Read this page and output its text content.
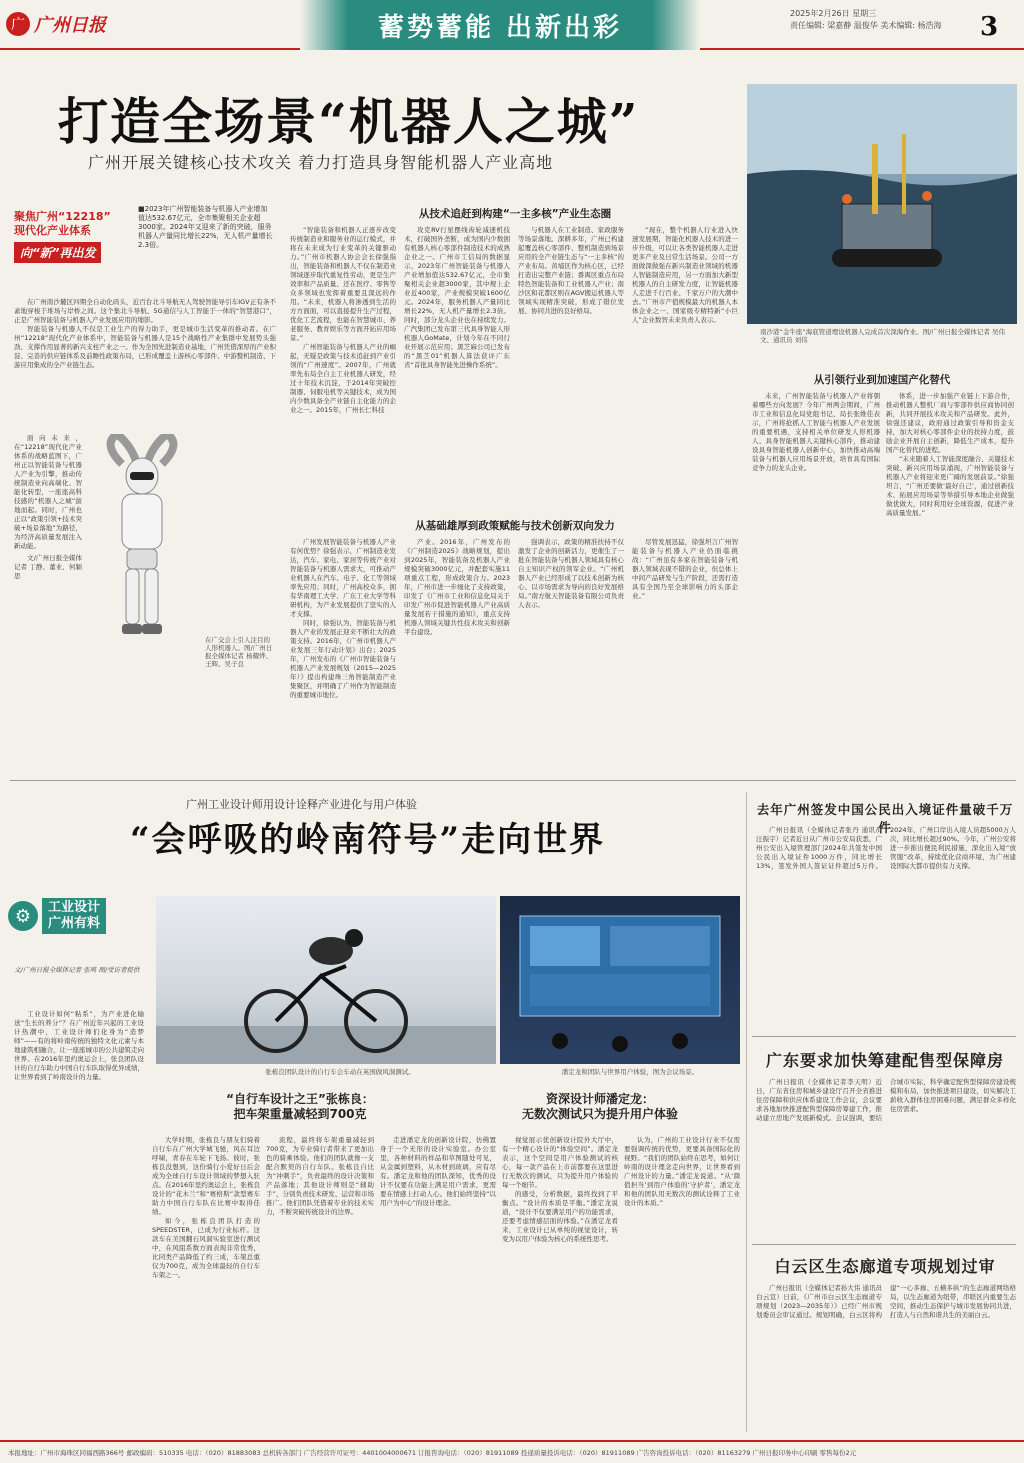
广 广州日报	蓄势蓄能 出新出彩	2025年2月26日 星期三
责任编辑: 梁嘉静 温俊华 美术编辑: 杨浩海	3
打造全场景“机器人之城”
广州开展关键核心技术攻关 着力打造具身智能机器人产业高地
聚焦广州“12218”
现代化产业体系
向“新”再出发
■2023年广州智能装备与机器人产业增加值达532.67亿元，全市集聚相关企业超3000家。2024年又迎来了新的突破，服务机器人产量同比增长22%，无人机产量增长2.3倍。

在广州南沙麓区四期全自动化码头，近百台北斗导航无人驾驶智能导引车IGV正有条不紊地穿梭于堆场与岸桥之间。这个集北斗导航、5G通信与人工智能于一体的“智慧港口”，正是广州智能装备与机器人产业发展应用的缩影。

智能装备与机器人不仅是工业生产的得力助手，更是城市生活变革的推动者。在广州“12218”现代化产业体系中，智能装备与机器人是15个战略性产业集群中发展势头强劲、支撑作用显著的新兴支柱产业之一。作为全国先进制造业基地，广州凭借深厚的产业积淀、完善的供应链体系及前瞻性政策布局，已形成覆盖上游核心零部件、中游整机制造、下游应用集成的全产业链生态。

面向未来，在“12218”现代化产业体系的战略蓝图下，广州正以智能装备与机器人产业为引擎，推动传统制造业向高端化、智能化转型，一座座高科技感的“机器人之城”拔地而起。同时，广州也正以“政策引领+技术突破+场景落地”为路径，为经济高质量发展注入新动能。

文/广州日报全媒体记者 丁静、董业、何颖思

在广交会上引人注目的人形机器人。图/广州日报全媒体记者 杨耀烨、王辉、吴子良
从技术追赶到构建“一主多核”产业生态圈

“智能装备和机器人正逐步改变传统制造业和服务业的运行模式，并将在未来成为行业变革的关键驱动力。”广州市机器人协会会长徐强指出，智能装备和机器人不仅在制造业领域逐步取代重复性劳动，更是生产效率和产品质量、还在医疗、零售等众多领域也发挥着重要且深远的作用。“未来，机器人将渗透到生活的方方面面，可以直接提升生产过程，优化工艺流程，也能在智慧城市、养老服务、教育娱乐等方面开拓应用场景。”

广州智能装备与机器人产业的崛起，无疑是政策与技术追赶到产业引领的“广州速度”。2007年，广州就率先布局全自主工业机器人研发，经过十年技术沉淀，于2014年突破控制器、伺服电机等关键技术，成为国内少数具备全产业链自主化能力的企业之一。2015年，广州长仁科技

攻克RV行星摆线齿轮减速机技术，打破国外垄断，成为国内少数拥有机器人核心零部件制造技术的成熟企业之一。广州市工信局的数据显示，2023年广州智能装备与机器人产业增加值达532.67亿元，全市集聚相关企业超3000家，其中规上企业近400家，产业规模突破1600亿元。2024年，服务机器人产量同比增长22%，无人机产量增长2.3倍。同时，部分龙头企业也在持续发力。广汽集团已发布第三代具身智能人形机器人GoMate，计划今年在不同行业开展示范应用；黑芝麻公司已发布的“黑芝01”机器人算法获评广东省“首批具身智能先进操作系统”。

与机器人在工业制造、家政服务等场景落地。深耕多年，广州已构建起覆盖核心零部件、整机制造到场景应用的全产业链生态与“一主多核”的产业布局。黄埔区作为核心区，已经打造出完整产业链；番禺区重点布局特色智能装备和工业机器人产业；南沙区和花都区则在AGV搬运机器人等领域实现精准突破，形成了错位发展、协同共进的良好格局。

“现在，整个机器人行业进入快速发展期，智能化机器人技术的进一步升级，可以让各类智能机器人走进更多产业及日常生活场景。公司一方面做深做强在新兴制造业领域的机器人智能制造应用，另一方面加大新型机器人的自主研发力度，让智能机器人走进千行百业、千家万户的大潮中去。”广州市产值规模最大的机器人本体企业之一、国家级专精特新“小巨人”企业数智未来负责人表示。

从基础雄厚到政策赋能与技术创新双向发力

广州发展智能装备与机器人产业有何优势？徐强表示，广州制造业发达，汽车、家电、家居等传统产业对智能装备与机器人需求大，可推动产业机器人在汽车、电子、化工等领域率先应用；同时，广州高校众多，拥有华南理工大学、广东工业大学等科研机构，为产业发展提供了坚实的人才支撑。

同时，徐强认为，智能装备与机器人产业的发展正迎来不断壮大的政策支持。2016年，《广州市机器人产业发展三年行动计划》出台；2025年，广州发布的《广州市智能装备与机器人产业发展规划（2015—2025年）》提出构建珠三角智能制造产业集聚区，并明确了广州作为智能制造的重要城市地位。

产业。2016年，广州发布的《广州制造2025》战略规划，提出到2025年，智能装备及机器人产业规模突破3000亿元，并配套实施11项重点工程，形成政策合力。2023年，广州市进一步细化了支持政策，印发了《广州市工业和信息化局关于印发广州市促进智能机器人产业高质量发展若干措施的通知》，重点支持机器人领域关键共性技术攻关和创新平台建设。

强调表示，政策的精准扶持不仅激发了企业的创新活力，更催生了一批在智能装备与机器人领域具有核心自主知识产权的领军企业。“广州机器人产业已经形成了以技术创新为核心、以市场需求为导向的良好发展格局。”南方航天智能装备有限公司负责人表示。

尽管发展迅猛，徐强坦言广州智能装备与机器人产业仍面临挑战：“广州虽有多家在智能装备与机器人领域表现不错的企业，但总体上中间产品研发与生产阶段，还需打造具有全国乃至全球影响力的头部企业。”

南沙港“金牛座”海底管道埋设机器人完成首次深海作业。图/广州日报全媒体记者 吴伟文、通讯员 刘伟
从引领行业到加速国产化替代

未来，广州智能装备与机器人产业将朝着哪些方向发展？今年广州两会期间，广州市工业和信息化局党组书记、局长张维佳表示，广州将抢抓人工智能与机器人产业发展的重要机遇，支持相关单位研发人形机器人、具身智能机器人关键核心部件，推动建设具身智能机器人创新中心，加快推动高端装备与机器人应用场景开放，培育具有国际竞争力的龙头企业。

体系，进一步加强产业链上下游合作，推动机器人整机厂商与零部件供应商协同创新，共同开展技术攻关和产品研发。此外，徐强还建议，政府通过政策引导和资金支持，加大对核心零部件企业的扶持力度，鼓励企业开展自主创新，降低生产成本，提升国产化替代的进程。

“未来随着人工智能深度融合、关键技术突破、新兴应用场景涌现，广州智能装备与机器人产业将迎来更广阔的发展前景。”徐强坦言，“广州还要做‘最好自己’，通过创新技术、拓展应用场景等举措引导本地企业做强做优做大，同时利用好全球资源，促进产业高质量发展。”

广州工业设计师用设计诠释产业进化与用户体验
“会呼吸的岭南符号”走向世界
⚙	工业设计
广州有料
文/广州日报全媒体记者 张鸣 图/受访者提供

工业设计如何“粘系”，为产业进化输送“生长的养分”？在广州近年兴起的工业设计热潮中，工业设计师们化身为“造梦师”——有的将岭南传统的独特文化元素与本地建筑相融合，让一座座城市的公共建筑走向世界。在2016年里约奥运会上，张良团队设计的自行车助力中国自行车队取得优异成绩，让世界看到了岭南设计的力量。

张栋良团队设计的自行车会车动在英国做风洞测试。	潘定龙和团队与世界用户体验，图为会议场景。
“自行车设计之王”张栋良：
把车架重量减轻到700克

大学时期，张栋良与朋友们骑着自行车在广州大学城飞驰，风在耳边呼啸，青春在车轮下飞扬。彼时，张栋良没想到，这份骑行小爱好日后会成为全球自行车设计领域的梦想入驻点。在2016年里约奥运会上，张栋良设计的“花木兰”和“赛格斯”款型赛车助力中国自行车队在比赛中取得佳绩。

如今，张栋良团队打造的SPEEDSTER，已成为行业标杆。这款车在美国翻石风洞实验室进行测试中，在风阻系数方面表现非常优秀，比同类产品降低了约三成，车架总重仅为700克，成为全球最轻的自行车车架之一。

流程，最终将车架重量减轻到700克，为专业骑行者带来了更加出色的骑乘体验。他们的团队就像一支配合默契的自行车队。张栋良自比为“冲刺手”，负责最终的设计决策和产品落地；其他设计师则是“辅助手”，分别负责技术研发、运营和市场推广。他们团队凭借着专业的技术实力，不断突破传统设计的边界。

资深设计师潘定龙：
无数次测试只为提升用户体验

走进潘定龙的创新设计院，仿佛置身于一个无形的设计实验室。办公室里，各种材料的样品和草图随处可见，从金属到塑料，从木材到玻璃，应有尽有。潘定龙和他的团队深知，优秀的设计不仅要在功能上满足用户需求，更需要在情感上打动人心。他们始终坚持“以用户为中心”的设计理念。

视觉展示优创新设计院外大厅中，有一个精心设计的“体验空间”。潘定龙表示，这个空间是用户体验测试的核心，每一款产品在上市前都要在这里进行无数次的测试，只为提升用户体验的每一个细节。

的感受，分析数据，最终找到了平衡点。“设计的本质是平衡。”潘定龙说道，“设计不仅要满足用户的功能需求，还要考虑情感层面的体验。”在潘定龙看来，工业设计已从单纯的视觉设计，转变为以用户体验为核心的系统性思考。

认为，广州的工业设计行业不仅需要强调传统的优势，更要具备国际化的视野。“我们的团队始终在思考，如何让岭南的设计理念走向世界，让世界看到广州设计的力量。”潘定龙说道。“从‘颜值担当’到用户体验的‘守护者’，潘定龙和他的团队用无数次的测试诠释了工业设计的本质。”

去年广州签发中国公民出入境证件量破千万件

广州日报讯（全媒体记者张丹 通讯员 汪振宇）记者近日从广州市公安局获悉，广州公安出入境管理部门2024年共签发中国公民出入境证件1000万件，同比增长13%，签发外国人签证证件超过5万件。2024年，广州口岸出入境人员超5000万人次，同比增长超过90%。今年，广州公安将进一步推出便民利民措施，深化出入境“放管服”改革，持续优化营商环境，为广州建设国际大都市提供有力支撑。

广东要求加快筹建配售型保障房

广州日报讯（全媒体记者李天明）近日，广东省住房和城乡建设厅召开全省推进住房保障和供应体系建设工作会议，会议要求各地加快推进配售型保障房筹建工作，推动建立房地产发展新模式。会议强调，要结合城市实际，科学确定配售型保障房建设规模和布局，加快推进项目建设，切实解决工薪收入群体住房困难问题，满足群众多样化住房需求。

白云区生态廊道专项规划过审

广州日报讯（全媒体记者孙大伟 通讯员 白云宣）日前，《广州市白云区生态廊道专项规划（2023—2035年）》已经广州市规划委员会审议通过。规划明确，白云区将构建“一心多廊、五横多纵”的生态廊道网络格局，以生态廊道为纽带，串联区内重要生态空间，推动生态保护与城市发展协同共进，打造人与自然和谐共生的美丽白云。

本报地址：广州市海珠区同福西路366号 邮政编码：510335 电话：（020）81883083 总机转各部门 广告经营许可证号：4401004000671 订报咨询电话：（020）81911089 投递质量投诉电话：（020）81911089 广告咨询投诉电话：（020）81163279 广州日报印务中心印刷 零售每份2元
